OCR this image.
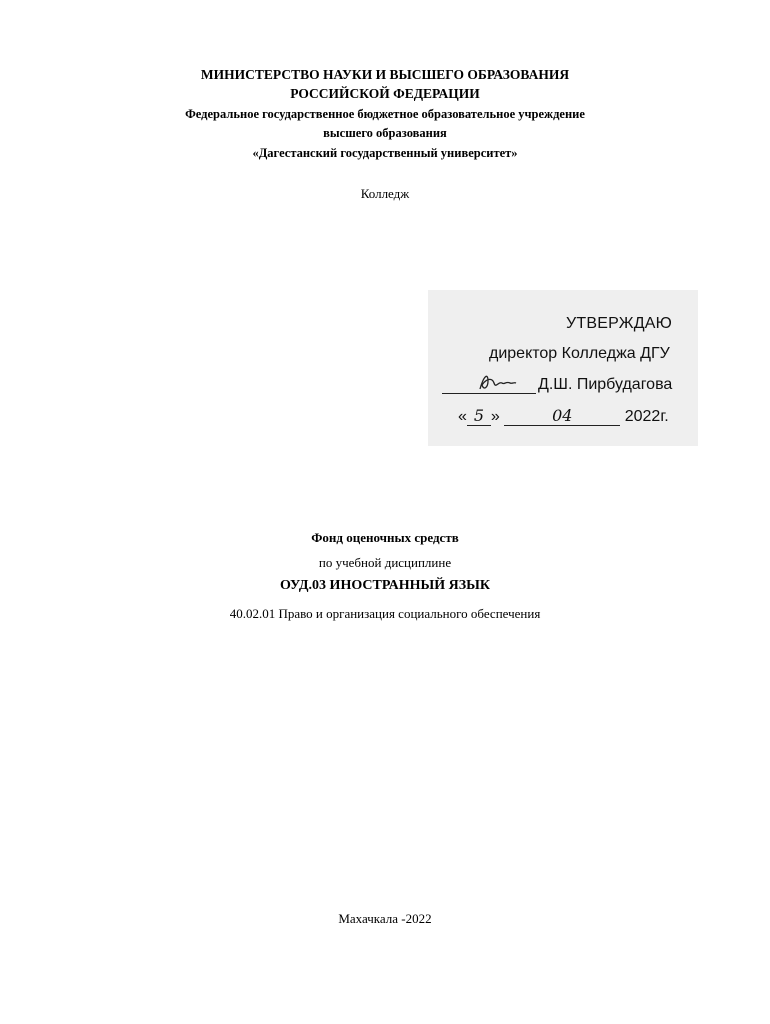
МИНИСТЕРСТВО НАУКИ И ВЫСШЕГО ОБРАЗОВАНИЯ
РОССИЙСКОЙ ФЕДЕРАЦИИ
Федеральное государственное бюджетное образовательное учреждение
высшего образования
«Дагестанский государственный университет»
Колледж
УТВЕРЖДАЮ
директор Колледжа ДГУ
Д.Ш. Пирбудагова
« 5 »	04	2022г.
Фонд оценочных средств
по учебной дисциплине
ОУД.03 ИНОСТРАННЫЙ ЯЗЫК
40.02.01 Право и организация социального обеспечения
Махачкала -2022
